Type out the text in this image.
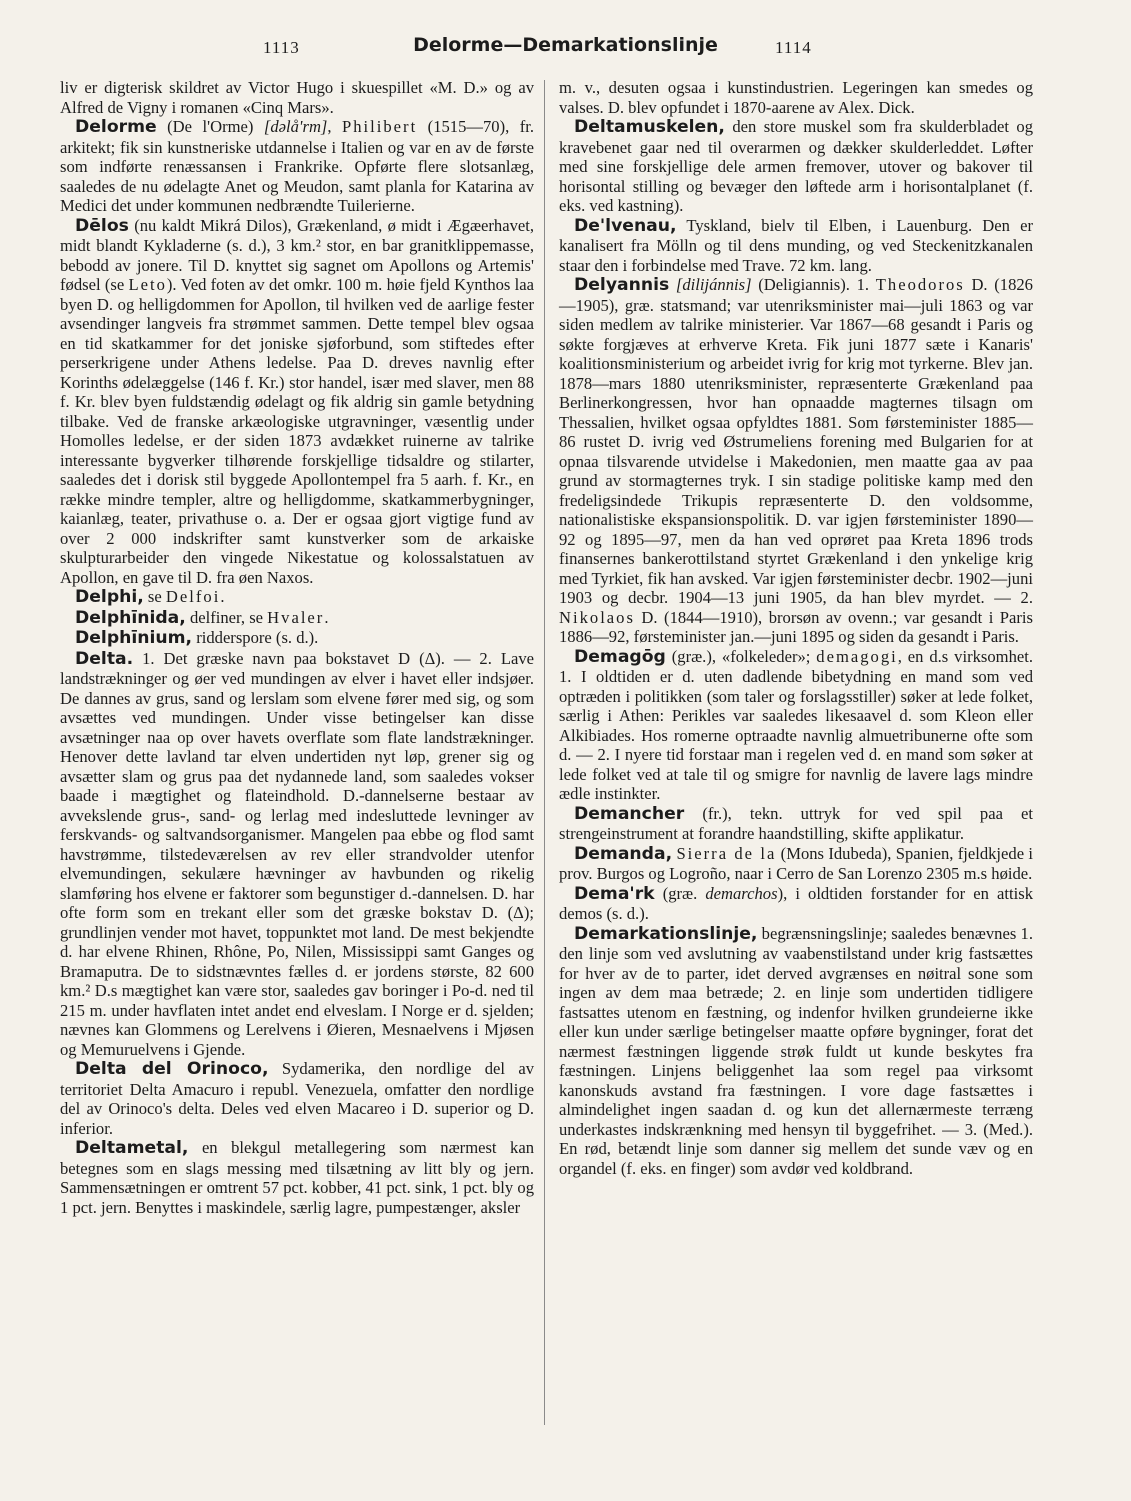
1113	Delorme—Demarkationslinje	1114

liv er digterisk skildret av Victor Hugo i skuespillet «M. D.» og av Alfred de Vigny i romanen «Cinq Mars».

Delorme (De l'Orme) [dəlå'rm], Philibert (1515—70), fr. arkitekt; fik sin kunstneriske utdannelse i Italien og var en av de første som indførte renæssansen i Frankrike. Opførte flere slotsanlæg, saaledes de nu ødelagte Anet og Meudon, samt planla for Katarina av Medici det under kommunen nedbrændte Tuilerierne.

Dēlos (nu kaldt Mikrá Dilos), Grækenland, ø midt i Ægæerhavet, midt blandt Kykladerne (s. d.), 3 km.² stor, en bar granitklippemasse, bebodd av jonere. Til D. knyttet sig sagnet om Apollons og Artemis' fødsel (se Leto). Ved foten av det omkr. 100 m. høie fjeld Kynthos laa byen D. og helligdommen for Apollon, til hvilken ved de aarlige fester avsendinger langveis fra strømmet sammen. Dette tempel blev ogsaa en tid skatkammer for det joniske sjøforbund, som stiftedes efter perserkrigene under Athens ledelse. Paa D. dreves navnlig efter Korinths ødelæggelse (146 f. Kr.) stor handel, især med slaver, men 88 f. Kr. blev byen fuldstændig ødelagt og fik aldrig sin gamle betydning tilbake. Ved de franske arkæologiske utgravninger, væsentlig under Homolles ledelse, er der siden 1873 avdækket ruinerne av talrike interessante bygverker tilhørende forskjellige tidsaldre og stilarter, saaledes det i dorisk stil byggede Apollontempel fra 5 aarh. f. Kr., en række mindre templer, altre og helligdomme, skatkammerbygninger, kaianlæg, teater, privathuse o. a. Der er ogsaa gjort vigtige fund av over 2 000 indskrifter samt kunstverker som de arkaiske skulpturarbeider den vingede Nikestatue og kolossalstatuen av Apollon, en gave til D. fra øen Naxos.

Delphi, se Delfoi.

Delphīnida, delfiner, se Hvaler.

Delphīnium, ridderspore (s. d.).

Delta. 1. Det græske navn paa bokstavet D (Δ). — 2. Lave landstrækninger og øer ved mundingen av elver i havet eller indsjøer. De dannes av grus, sand og lerslam som elvene fører med sig, og som avsættes ved mundingen. Under visse betingelser kan disse avsætninger naa op over havets overflate som flate landstrækninger. Henover dette lavland tar elven undertiden nyt løp, grener sig og avsætter slam og grus paa det nydannede land, som saaledes vokser baade i mægtighet og flateindhold. D.-dannelserne bestaar av avvekslende grus-, sand- og lerlag med indesluttede levninger av ferskvands- og saltvandsorganismer. Mangelen paa ebbe og flod samt havstrømme, tilstedeværelsen av rev eller strandvolder utenfor elvemundingen, sekulære hævninger av havbunden og rikelig slamføring hos elvene er faktorer som begunstiger d.-dannelsen. D. har ofte form som en trekant eller som det græske bokstav D. (Δ); grundlinjen vender mot havet, toppunktet mot land. De mest bekjendte d. har elvene Rhinen, Rhône, Po, Nilen, Mississippi samt Ganges og Bramaputra. De to sidstnævntes fælles d. er jordens største, 82 600 km.² D.s mægtighet kan være stor, saaledes gav boringer i Po-d. ned til 215 m. under havflaten intet andet end elveslam. I Norge er d. sjelden; nævnes kan Glommens og Lerelvens i Øieren, Mesnaelvens i Mjøsen og Memuruelvens i Gjende.

Delta del Orinoco, Sydamerika, den nordlige del av territoriet Delta Amacuro i republ. Venezuela, omfatter den nordlige del av Orinoco's delta. Deles ved elven Macareo i D. superior og D. inferior.

Deltametal, en blekgul metallegering som nærmest kan betegnes som en slags messing med tilsætning av litt bly og jern. Sammensætningen er omtrent 57 pct. kobber, 41 pct. sink, 1 pct. bly og 1 pct. jern. Benyttes i maskindele, særlig lagre, pumpestænger, aksler

m. v., desuten ogsaa i kunstindustrien. Legeringen kan smedes og valses. D. blev opfundet i 1870-aarene av Alex. Dick.

Deltamuskelen, den store muskel som fra skulderbladet og kravebenet gaar ned til overarmen og dækker skulderleddet. Løfter med sine forskjellige dele armen fremover, utover og bakover til horisontal stilling og bevæger den løftede arm i horisontalplanet (f. eks. ved kastning).

De'lvenau, Tyskland, bielv til Elben, i Lauenburg. Den er kanalisert fra Mölln og til dens munding, og ved Steckenitzkanalen staar den i forbindelse med Trave. 72 km. lang.

Delyannis [dilijánnis] (Deligiannis). 1. Theodoros D. (1826—1905), græ. statsmand; var utenriksminister mai—juli 1863 og var siden medlem av talrike ministerier. Var 1867—68 gesandt i Paris og søkte forgjæves at erhverve Kreta. Fik juni 1877 sæte i Kanaris' koalitionsministerium og arbeidet ivrig for krig mot tyrkerne. Blev jan. 1878—mars 1880 utenriksminister, repræsenterte Grækenland paa Berlinerkongressen, hvor han opnaadde magternes tilsagn om Thessalien, hvilket ogsaa opfyldtes 1881. Som førsteminister 1885—86 rustet D. ivrig ved Østrumeliens forening med Bulgarien for at opnaa tilsvarende utvidelse i Makedonien, men maatte gaa av paa grund av stormagternes tryk. I sin stadige politiske kamp med den fredeligsindede Trikupis repræsenterte D. den voldsomme, nationalistiske ekspansionspolitik. D. var igjen førsteminister 1890—92 og 1895—97, men da han ved oprøret paa Kreta 1896 trods finansernes bankerottilstand styrtet Grækenland i den ynkelige krig med Tyrkiet, fik han avsked. Var igjen førsteminister decbr. 1902—juni 1903 og decbr. 1904—13 juni 1905, da han blev myrdet. — 2. Nikolaos D. (1844—1910), brorsøn av ovenn.; var gesandt i Paris 1886—92, førsteminister jan.—juni 1895 og siden da gesandt i Paris.

Demagōg (græ.), «folkeleder»; demagogi, en d.s virksomhet. 1. I oldtiden er d. uten dadlende bibetydning en mand som ved optræden i politikken (som taler og forslagsstiller) søker at lede folket, særlig i Athen: Perikles var saaledes likesaavel d. som Kleon eller Alkibiades. Hos romerne optraadte navnlig almuetribunerne ofte som d. — 2. I nyere tid forstaar man i regelen ved d. en mand som søker at lede folket ved at tale til og smigre for navnlig de lavere lags mindre ædle instinkter.

Demancher (fr.), tekn. uttryk for ved spil paa et strengeinstrument at forandre haandstilling, skifte applikatur.

Demanda, Sierra de la (Mons Idubeda), Spanien, fjeldkjede i prov. Burgos og Logroño, naar i Cerro de San Lorenzo 2305 m.s høide.

Dema'rk (græ. demarchos), i oldtiden forstander for en attisk demos (s. d.).

Demarkationslinje, begrænsningslinje; saaledes benævnes 1. den linje som ved avslutning av vaabenstilstand under krig fastsættes for hver av de to parter, idet derved avgrænses en nøitral sone som ingen av dem maa betræde; 2. en linje som undertiden tidligere fastsattes utenom en fæstning, og indenfor hvilken grundeierne ikke eller kun under særlige betingelser maatte opføre bygninger, forat det nærmest fæstningen liggende strøk fuldt ut kunde beskytes fra fæstningen. Linjens beliggenhet laa som regel paa virksomt kanonskuds avstand fra fæstningen. I vore dage fastsættes i almindelighet ingen saadan d. og kun det allernærmeste terræng underkastes indskrænkning med hensyn til byggefrihet. — 3. (Med.). En rød, betændt linje som danner sig mellem det sunde væv og en organdel (f. eks. en finger) som avdør ved koldbrand.
